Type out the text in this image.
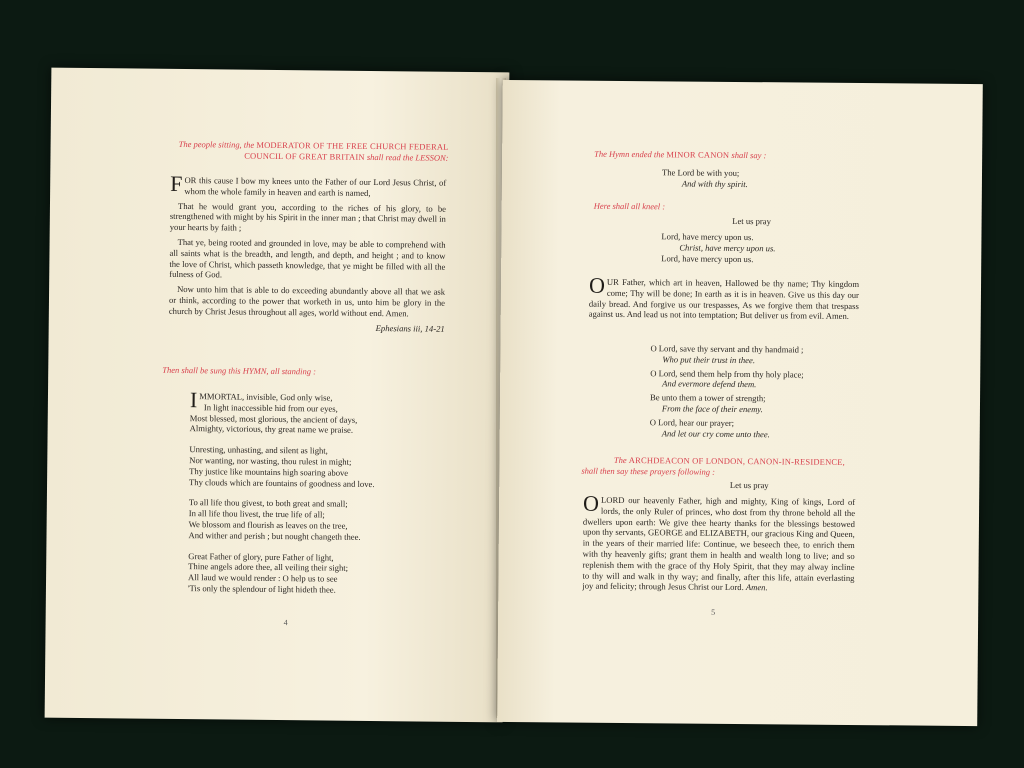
The people sitting, the MODERATOR OF THE FREE CHURCH FEDERAL COUNCIL OF GREAT BRITAIN shall read the LESSON:

FOR this cause I bow my knees unto the Father of our Lord Jesus Christ, of whom the whole family in heaven and earth is named,

That he would grant you, according to the riches of his glory, to be strengthened with might by his Spirit in the inner man ; that Christ may dwell in your hearts by faith ;

That ye, being rooted and grounded in love, may be able to comprehend with all saints what is the breadth, and length, and depth, and height ; and to know the love of Christ, which passeth knowledge, that ye might be filled with all the fulness of God.

Now unto him that is able to do exceeding abundantly above all that we ask or think, according to the power that worketh in us, unto him be glory in the church by Christ Jesus throughout all ages, world without end. Amen.

Ephesians iii, 14-21

Then shall be sung this HYMN, all standing :

IMMORTAL, invisible, God only wise,

In light inaccessible hid from our eyes,

Most blessed, most glorious, the ancient of days,

Almighty, victorious, thy great name we praise.

Unresting, unhasting, and silent as light,

Nor wanting, nor wasting, thou rulest in might;

Thy justice like mountains high soaring above

Thy clouds which are fountains of goodness and love.

To all life thou givest, to both great and small;

In all life thou livest, the true life of all;

We blossom and flourish as leaves on the tree,

And wither and perish ; but nought changeth thee.

Great Father of glory, pure Father of light,

Thine angels adore thee, all veiling their sight;

All laud we would render : O help us to see

'Tis only the splendour of light hideth thee.

4
The Hymn ended the MINOR CANON shall say :

The Lord be with you;

And with thy spirit.

Here shall all kneel :
Let us pray

Lord, have mercy upon us.

Christ, have mercy upon us.

Lord, have mercy upon us.

OUR Father, which art in heaven, Hallowed be thy name; Thy kingdom come; Thy will be done; In earth as it is in heaven. Give us this day our daily bread. And forgive us our trespasses, As we forgive them that trespass against us. And lead us not into temptation; But deliver us from evil. Amen.

O Lord, save thy servant and thy handmaid ;

Who put their trust in thee.

O Lord, send them help from thy holy place;

And evermore defend them.

Be unto them a tower of strength;

From the face of their enemy.

O Lord, hear our prayer;

And let our cry come unto thee.

The ARCHDEACON OF LONDON, CANON-IN-RESIDENCE,

shall then say these prayers following :

Let us pray

OLORD our heavenly Father, high and mighty, King of kings, Lord of lords, the only Ruler of princes, who dost from thy throne behold all the dwellers upon earth: We give thee hearty thanks for the blessings bestowed upon thy servants, GEORGE and ELIZABETH, our gracious King and Queen, in the years of their married life: Continue, we beseech thee, to enrich them with thy heavenly gifts; grant them in health and wealth long to live; and so replenish them with the grace of thy Holy Spirit, that they may alway incline to thy will and walk in thy way; and finally, after this life, attain everlasting joy and felicity; through Jesus Christ our Lord. Amen.

5
